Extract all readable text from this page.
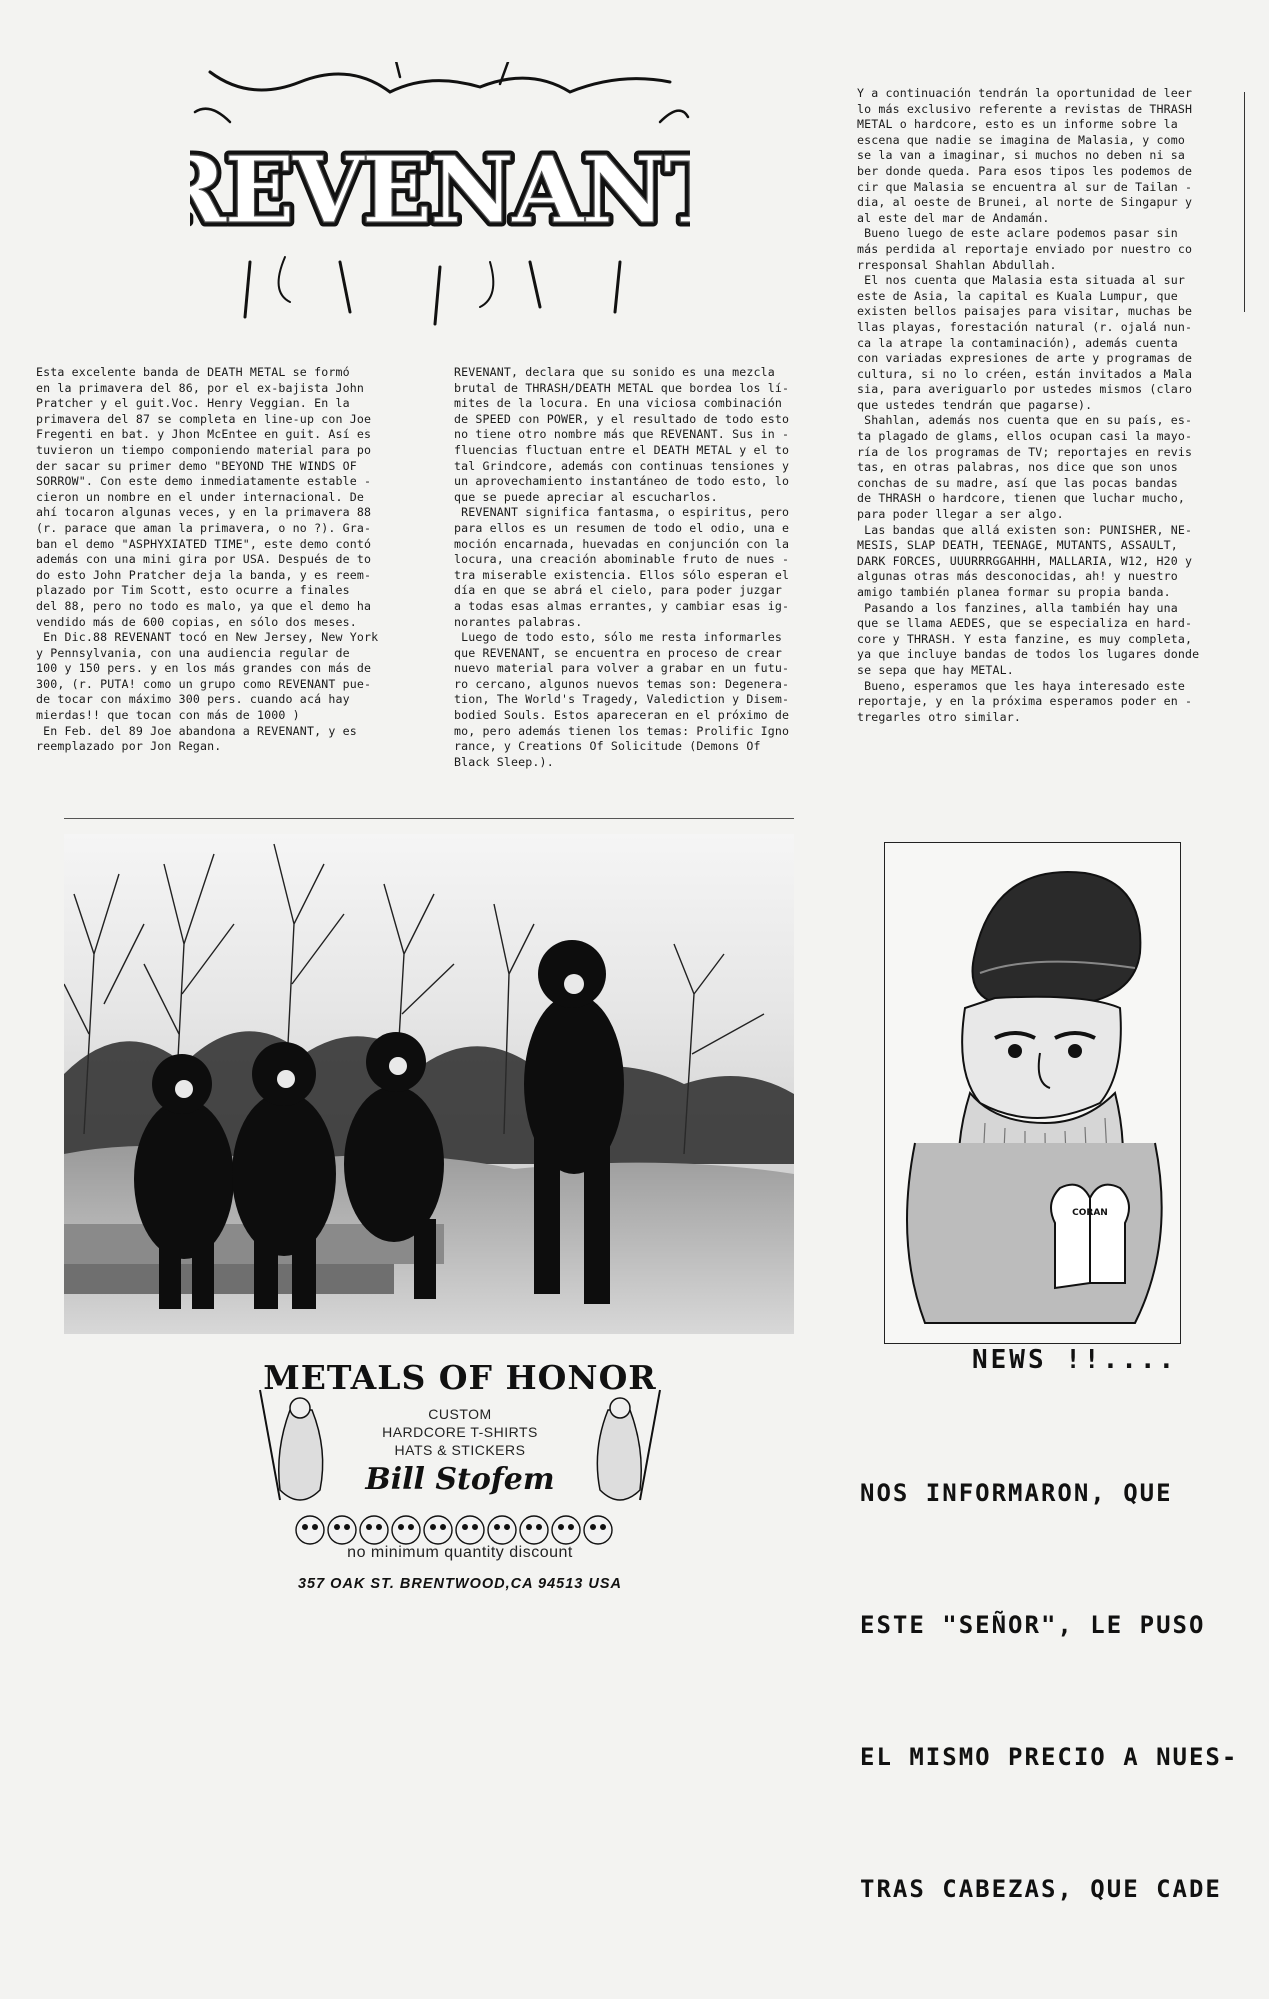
EVENAN
EVENAN
Esta excelente banda de DEATH METAL se formó
en la primavera del 86, por el ex-bajista John
Pratcher y el guit.Voc. Henry Veggian. En la
primavera del 87 se completa en line-up con Joe
Fregenti en bat. y Jhon McEntee en guit. Así es
tuvieron un tiempo componiendo material para po
der sacar su primer demo "BEYOND THE WINDS OF
SORROW". Con este demo inmediatamente estable -
cieron un nombre en el under internacional. De
ahí tocaron algunas veces, y en la primavera 88
(r. parace que aman la primavera, o no ?). Gra-
ban el demo "ASPHYXIATED TIME", este demo contó
además con una mini gira por USA. Después de to
do esto John Pratcher deja la banda, y es reem-
plazado por Tim Scott, esto ocurre a finales
del 88, pero no todo es malo, ya que el demo ha
vendido más de 600 copias, en sólo dos meses.
En Dic.88 REVENANT tocó en New Jersey, New York
y Pennsylvania, con una audiencia regular de
100 y 150 pers. y en los más grandes con más de
300, (r. PUTA! como un grupo como REVENANT pue-
de tocar con máximo 300 pers. cuando acá hay
mierdas!! que tocan con más de 1000 )
En Feb. del 89 Joe abandona a REVENANT, y es
reemplazado por Jon Regan.
REVENANT, declara que su sonido es una mezcla
brutal de THRASH/DEATH METAL que bordea los lí-
mites de la locura. En una viciosa combinación
de SPEED con POWER, y el resultado de todo esto
no tiene otro nombre más que REVENANT. Sus in -
fluencias fluctuan entre el DEATH METAL y el to
tal Grindcore, además con continuas tensiones y
un aprovechamiento instantáneo de todo esto, lo
que se puede apreciar al escucharlos.
REVENANT significa fantasma, o espiritus, pero
para ellos es un resumen de todo el odio, una e
moción encarnada, huevadas en conjunción con la
locura, una creación abominable fruto de nues -
tra miserable existencia. Ellos sólo esperan el
día en que se abrá el cielo, para poder juzgar
a todas esas almas errantes, y cambiar esas ig-
norantes palabras.
Luego de todo esto, sólo me resta informarles
que REVENANT, se encuentra en proceso de crear
nuevo material para volver a grabar en un futu-
ro cercano, algunos nuevos temas son: Degenera-
tion, The World's Tragedy, Valediction y Disem-
bodied Souls. Estos apareceran en el próximo de
mo, pero además tienen los temas: Prolific Igno
rance, y Creations Of Solicitude (Demons Of
Black Sleep.).
Y a continuación tendrán la oportunidad de leer
lo más exclusivo referente a revistas de THRASH
METAL o hardcore, esto es un informe sobre la
escena que nadie se imagina de Malasia, y como
se la van a imaginar, si muchos no deben ni sa
ber donde queda. Para esos tipos les podemos de
cir que Malasia se encuentra al sur de Tailan -
dia, al oeste de Brunei, al norte de Singapur y
al este del mar de Andamán.
Bueno luego de este aclare podemos pasar sin
más perdida al reportaje enviado por nuestro co
rresponsal Shahlan Abdullah.
El nos cuenta que Malasia esta situada al sur
este de Asia, la capital es Kuala Lumpur, que
existen bellos paisajes para visitar, muchas be
llas playas, forestación natural (r. ojalá nun-
ca la atrape la contaminación), además cuenta
con variadas expresiones de arte y programas de
cultura, si no lo créen, están invitados a Mala
sia, para averiguarlo por ustedes mismos (claro
que ustedes tendrán que pagarse).
Shahlan, además nos cuenta que en su país, es-
ta plagado de glams, ellos ocupan casi la mayo-
ría de los programas de TV; reportajes en revis
tas, en otras palabras, nos dice que son unos
conchas de su madre, así que las pocas bandas
de THRASH o hardcore, tienen que luchar mucho,
para poder llegar a ser algo.
Las bandas que allá existen son: PUNISHER, NE-
MESIS, SLAP DEATH, TEENAGE, MUTANTS, ASSAULT,
DARK FORCES, UUURRRGGAHHH, MALLARIA, W12, H20 y
algunas otras más desconocidas, ah! y nuestro
amigo también planea formar su propia banda.
Pasando a los fanzines, alla también hay una
que se llama AEDES, que se especializa en hard-
core y THRASH. Y esta fanzine, es muy completa,
ya que incluye bandas de todos los lugares donde
se sepa que hay METAL.
Bueno, esperamos que les haya interesado este
reportaje, y en la próxima esperamos poder en -
tregarles otro similar.
METALS OF HONOR
CUSTOM
HARDCORE T-SHIRTS
HATS & STICKERS
Bill Stofem
no minimum quantity discount
357 OAK ST. BRENTWOOD,CA 94513 USA
CORAN
NEWS !!....

NOS INFORMARON, QUE

ESTE "SEÑOR", LE PUSO

EL MISMO PRECIO A NUES-

TRAS CABEZAS, QUE CADE
